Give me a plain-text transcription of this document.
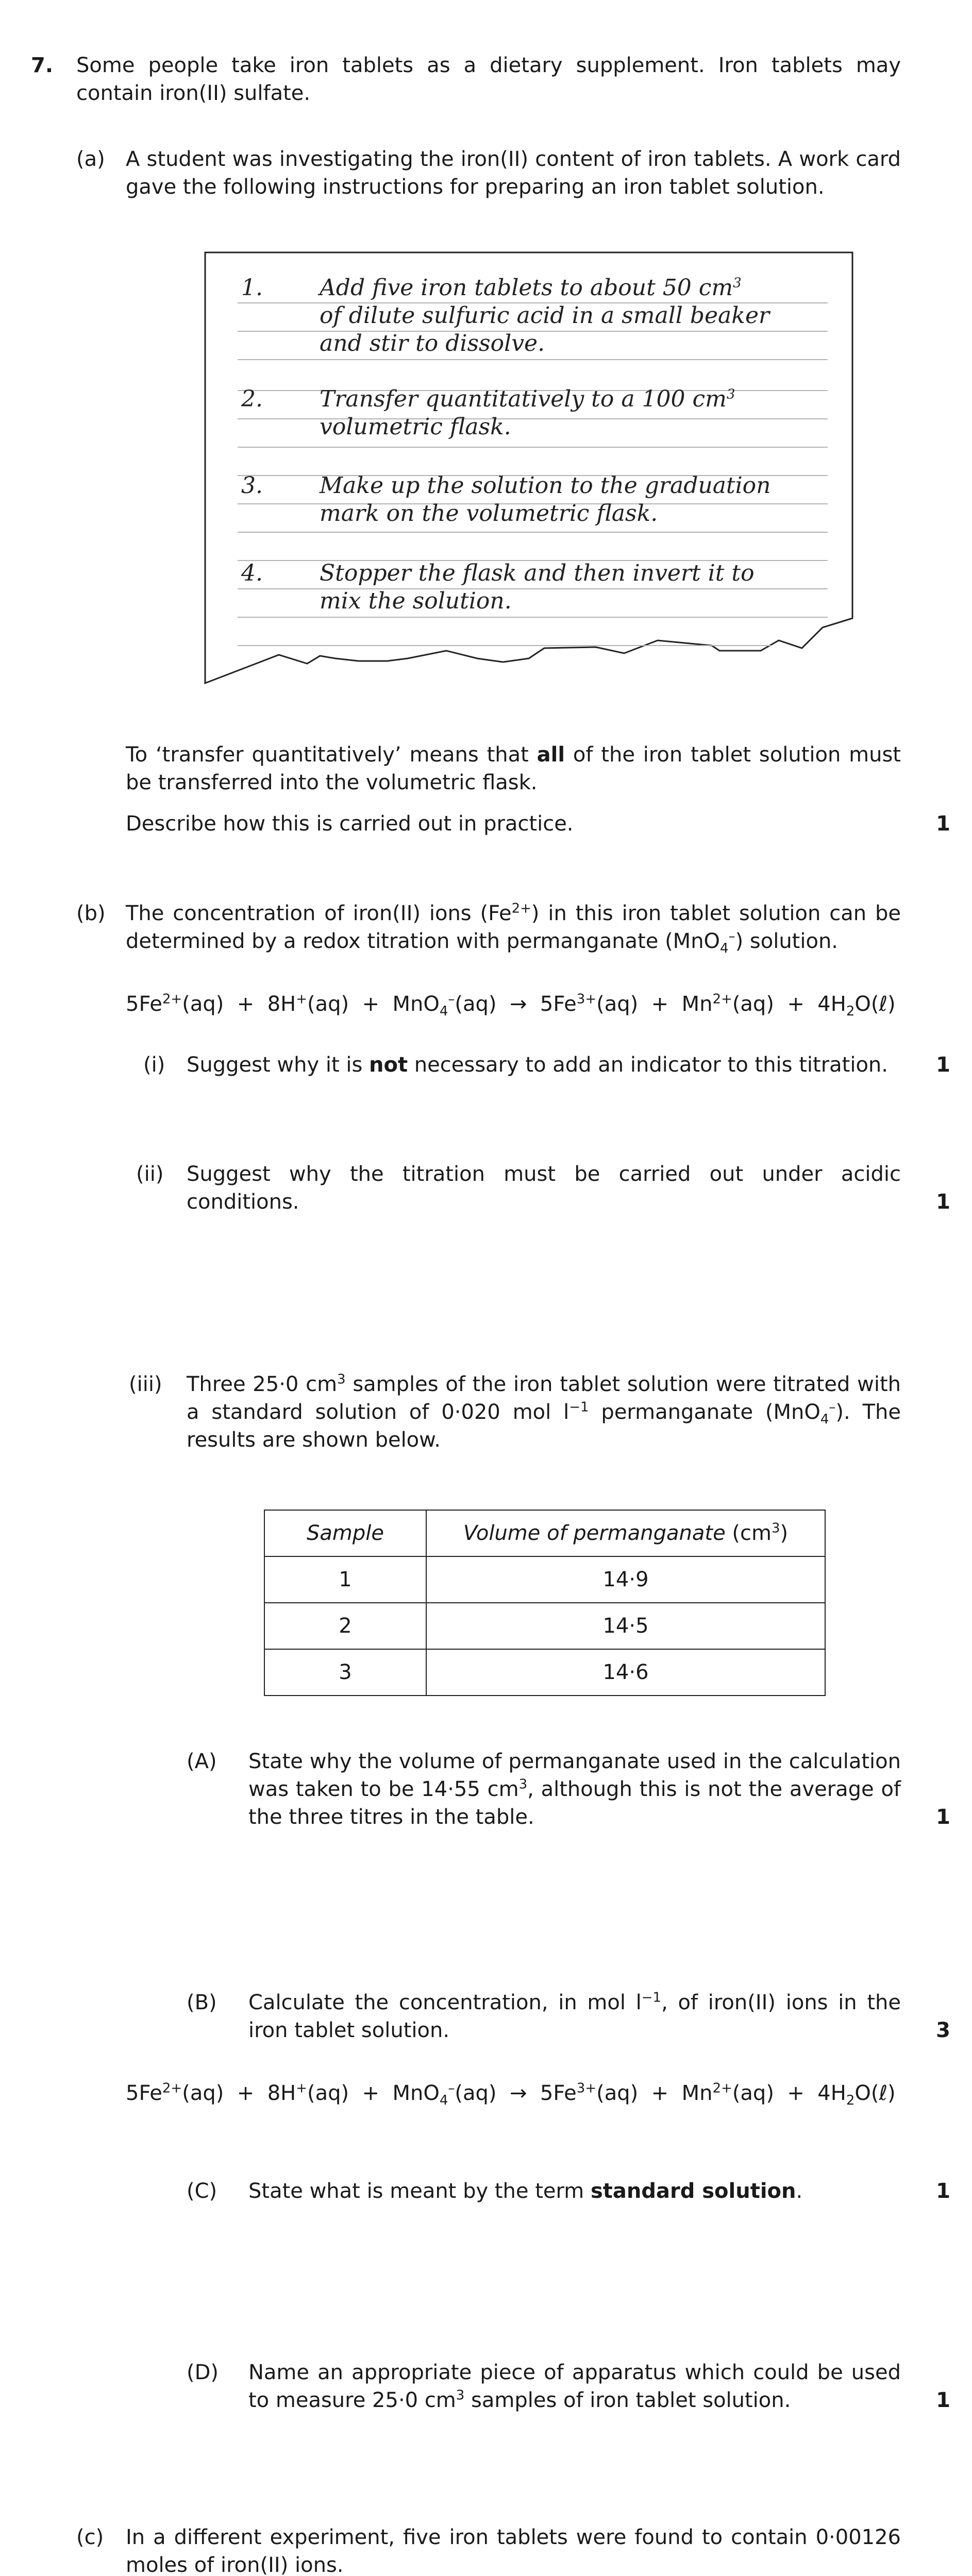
7. Some people take iron tablets as a dietary supplement. Iron tablets may contain iron(II) sulfate.
(a) A student was investigating the iron(II) content of iron tablets. A work card gave the following instructions for preparing an iron tablet solution.
1.	Add five iron tablets to about 50 $cm^3$
of dilute sulfuric acid in a small beaker
and stir to dissolve.
2.	Transfer quantitatively to a 100 $cm^3$
volumetric flask.
3.	Make up the solution to the graduation
mark on the volumetric flask.
4.	Stopper the flask and then invert it to
mix the solution.
To ‘transfer quantitatively’ means that all of the iron tablet solution must be transferred into the volumetric flask.
Describe how this is carried out in practice.	1
(b) The concentration of iron(II) ions $(Fe^{2+})$ in this iron tablet solution can be determined by a redox titration with permanganate (MnO$_4$–) solution.
$5Fe^{2+}(aq) + 8H^+(aq) + MnO_4^-(aq) \to 5Fe^{3+}(aq) + Mn^{2+}(aq)$  +  $4H_2O(\ell)$
(i) Suggest why it is not necessary to add an indicator to this titration.	1
(ii) Suggest why the titration must be carried out under acidic conditions.	1
(iii) Three 25·0 $cm^3$ samples of the iron tablet solution were titrated with a standard solution of 0·020 mol $l^{-1}$ permanganate (MnO$_4$–). The results are shown below.
Sample	Volume of permanganate $(cm^3)$
1	14·9
2	14·5
3	14·6
(A) State why the volume of permanganate used in the calculation was taken to be 14·55 $cm^3$, although this is not the average of the three titres in the table.	1
(B) Calculate the concentration, in mol $l^{-1}$, of iron(II) ions in the iron tablet solution.	3
$5Fe^{2+}(aq) + 8H^+(aq) + MnO_4^-(aq) \to 5Fe^{3+}(aq) + Mn^{2+}(aq)$  +  $4H_2O(\ell)$
(C) State what is meant by the term standard solution.	1
(D) Name an appropriate piece of apparatus which could be used to measure 25·0 $cm^3$ samples of iron tablet solution.	1
(c) In a different experiment, five iron tablets were found to contain 0·00126 moles of iron(II) ions.
